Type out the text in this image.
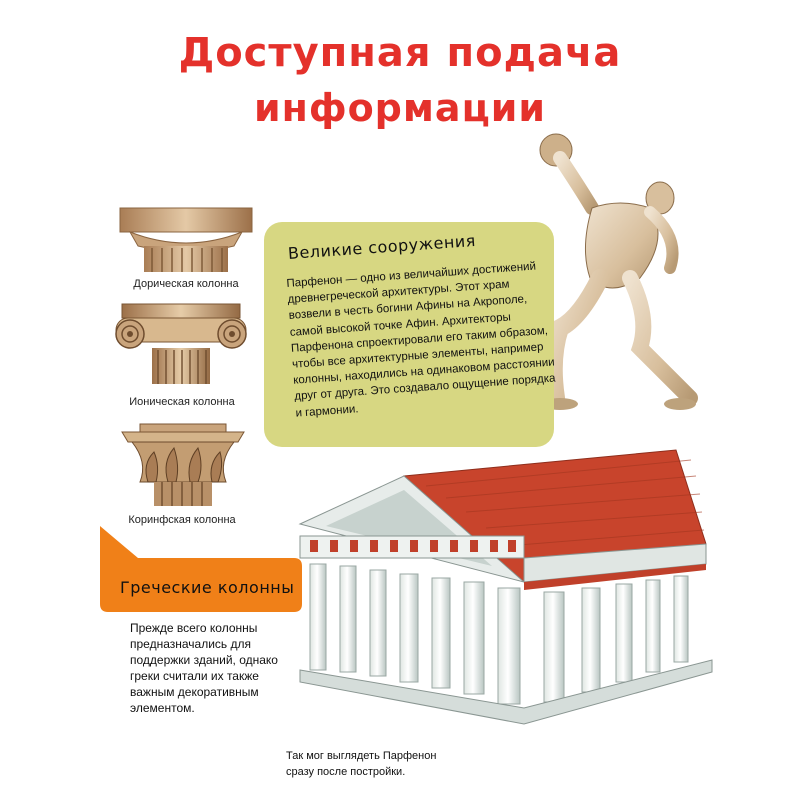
Доступная подача
информации
Дорическая колонна
Ионическая колонна
Коринфская колонна
Великие сооружения
Парфенон — одно из величайших достижений древнегреческой архитектуры. Этот храм возвели в честь богини Афины на Акрополе, самой высокой точке Афин. Архитекторы Парфенона спроектировали его таким образом, чтобы все архитектурные элементы, например колонны, находились на одинаковом расстоянии друг от друга. Это создавало ощущение порядка и гармонии.
Греческие колонны
Прежде всего колонны предназначались для поддержки зданий, однако греки считали их также важным декоративным элементом.
Так мог выглядеть Парфенон сразу после постройки.
